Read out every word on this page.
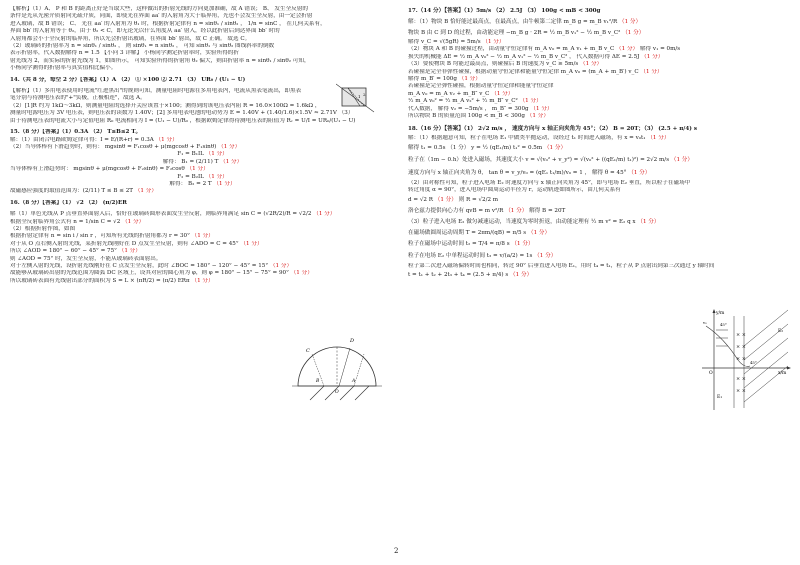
【解析】（1）A、 P 和 B 的距离正好是当取大些，这样做出的折射光线的方向更加准确，故 A 错误； B、 发生全反射的
条件是光从光密介质射向光疏介质，同面，即使光在界面 aa′ 的入射角为大于临界角，光也不会发生全反射，由一定会折射
进入玻璃，故 B 错误； C、 光在 aa′ 的入射角为 θ₁ 时，根据折射定律有 n = sinθ₁ / sinθ₂ ， 1/n = sinC ， 在几何关系有，
界面 bb′ 的入射角等于 θ₂，由于 θ₂ < C，即无论光以什么角度从 aa′ 射入，经以此折射后到达界面 bb′ 时的
入射角都会小于全反射的临界角，所以光会折射出玻璃，在界面 bb′ 射出，故 C 正确。 故选 C。
（2）玻璃砖的折射率为 n = sinθ₁ / sinθ₂ ， 则 sinθ₁ = n sinθ₂ ， 可知 sinθ₁ 与 sinθ₂ 图线斜率的倒数
表示折射率，代入数据解得 n = 1.5 【小问 3 详解】 小杨同学测定折射率时，实验所得的折
射光线为 2，而实际的折射光线为 1，如图所示， 可知实验所得的折射角 θ₂ 偏大，则由折射率 n = sinθ₁ / sinθ₂ 可知，
小杨同学测得的折射率与真实值相比偏小。
14.（共 8 分，每空 2 分）【答案】（1）A （2） ① ×100 ② 2.71 （3） UR₀ / (U₁ − U)
【解析】（1）多用电表使用时电流"红进黑出"的规则可知，测量电阻时电源在多用电表内，电流从黑表笔流出，即黑表
笔分别与待测电压表的"+"负极，正极相连"，故选 A。
（2）[1]R 约为 1kΩ～3kΩ，则测量电阻的选择开关应该置于×100；测得到的该电压表内阻 R = 16.0×100Ω = 1.6kΩ ，
测量时电源电压为 3V 电压表，则电压表的读数为 1.40V；[2] 多用电表电池的电动势为 E = 1.40V + (1.40/1.6)×1.5V ≈ 2.71V （3）
由于待测电压表的电流大小与定值电阻 R₀ 电流相同为 I = (U₁ − U)/R₀ ，根据欧姆定律得待测电压表的阻值为 Rᵥ = U/I = UR₀/(U₁ − U)
15.（8 分）【答案】（1）0.3A （2） T≤B≤2 T。
解：（1）由闭合电路欧姆定律可得：I = E/(R+r) = 0.3A （1 分）
（2）当导体棒有下滑趋势时，则有： mgsinθ = F₁cosθ + μ(mgcosθ + F₁sinθ) （1 分）
F₁ = B₁IL （1 分）
解得： B₁ = (2/11) T （1 分）
当导体棒有上滑趋势时： mgsinθ + μ(mgcosθ + F₂sinθ) = F₂cosθ （1 分）
F₂ = B₂IL （1 分）
解得： B₂ = 2 T （1 分）
故磁感应强度的取值范围为：(2/11) T ≤ B ≤ 2T （1 分）
16.（8 分）【答案】（1） √2 （2） (π/2)ER
解（1）单色光线从 P 点垂直界面射入后，恰好在玻璃砖圆形表面发生全反射，则临界角满足 sin C = (√2R/2)/R = √2/2 （1 分）
根据全反射临界角公式有 n = 1/sin C = √2 （1 分）
（2）根据折射作图，如图
根据折射定律有 n = sin i / sin r ，可知所有光线的折射角都为 r = 30° （1 分）
对于从 O 点右侧入射的光线，某折射光线刚好在 D 点发生全反射，则有 ∠ADO = C = 45° （1 分）
所以 ∠AOD = 180° − 60° − 45° = 75° （1 分）
则 ∠AOD = 75° 时，发生全反射，不能从玻璃砖表面射出。
对于左侧入射的光线，设折射光线刚好在 C 点发生全反射，此时 ∠BOC = 180° − 120° − 45° = 15° （1 分）
故能够从玻璃砖出射的光线范围为圆弧 DC 区域上，设其对应的圆心角为 φ，则 φ = 180° − 15° − 75° = 90° （1 分）
所以玻璃砖表面有光线射出部分的面积为 S = L × (πR/2) = (π/2) ERπ （1 分）
17.（14 分）【答案】（1）5m/s （2） 2.5J （3） 100g < mB < 300g
解：（1）物块 B 恰好能过最高点，在最高点，由牛顿第二定律 m_B g = m_B v₁²/R （1 分）
物块 B 由 C 到 D 的过程，由动能定理 −m_B g · 2R = ½ m_B v₁² − ½ m_B v_C² （1 分）
解得 v_C = √(5gR) = 5m/s （1 分）
（2）物块 A 和 B 的碰撞过程，由动量守恒定律有 m_A v₀ = m_A v₁ + m_B v_C （1 分） 解得 v₁ = 0m/s
损失的机械能 ΔE = ½ m_A v₀² − ½ m_A v₁² − ½ m_B v_C² ， 代入数据可得 ΔE = 2.5J （1 分）
（3）要使物块 B 均能过最高点，则碰撞后 B 的速度为 v_C ≥ 5m/s （1 分）
若碰撞是完全非弹性碰撞，根据动量守恒定律和能量守恒定律 m_A v₀ = (m_A + m_B′) v_C （1 分）
解得 m_B′ = 100g （1 分）
若碰撞是完全弹性碰撞，根据动量守恒定律和能量守恒定律
m_A v₀ = m_A v₂ + m_B″ v_C （1 分）
½ m_A v₀² = ½ m_A v₂² + ½ m_B″ v_C² （1 分）
代入数据， 解得 v₂ = −5m/s ， m_B″ = 300g （1 分）
所以物块 B 的质量范围 100g < m_B < 300g （1 分）
18.（16 分）【答案】（1） 2√2 m/s ， 速度方向与 x 轴正向夹角为 45°；（2） B = 20T；（3） (2.5 + π/4) s
解：（1）根据题意可知，粒子在电场 E₁ 中做类平抛运动，设经过 t₁ 时间进入磁场，有 x = v₀t₁ （1 分）
解得 t₁ = 0.5s （1 分） y = ½ (qE₁/m) t₁² = 0.5m （1 分）
粒子在（1m − 0.h）处进入磁场，其速度大小 v = √(v₀² + v_y²) = √(v₀² + ((qE₁/m) t₁)²) = 2√2 m/s （1 分）
速度方向与 x 轴正向夹角为 θ， tan θ = v_y/v₀ = (qE₁ t₁/m)/v₀ = 1 ， 解得 θ = 45° （1 分）
（2）由对称性可知，粒子进入电场 E₂ 时速度方向与 x 轴正向夹角为 45°，即与电场 E₂ 垂直，所以粒子在磁场中
转过角度 α = 90°，进入电场中圆周运动半径为 r，运动轨迹如图所示，由几何关系有
d = √2 R （1 分） 则 R = √2/2 m
洛仑兹力提供向心力有 qvB = m v²/R （1 分） 解得 B = 20T
（3）粒子进入电场 E₂ 做匀减速运动，当速度为零时折返，由动能定理有 ½ m v² = E₂ q x （1 分）
在磁场做圆周运动周期 T = 2πm/(qB) = π/5 s （1 分）
粒子在磁场中运动时间 t₂ = T/4 = π/8 s （1 分）
粒子在电场 E₂ 中单程运动时间 t₃ = v/(a/2) = 1s （1 分）
粒子第二次进入磁场偏转时间也相同，转过 90° 后垂直进入电场 E₁，用时 t₄ = t₁，粒子从 P 点射出到第三次通过 y 轴时间
t = t₁ + t₂ + 2t₃ + t₄ = (2.5 + π/4) s （1 分）
1 2
D
C
A
B
O
× ×
× ×
× ×
× ×
× ×
y/m
x/m
O
E₁
E₂
45°
45°
v₀
2
